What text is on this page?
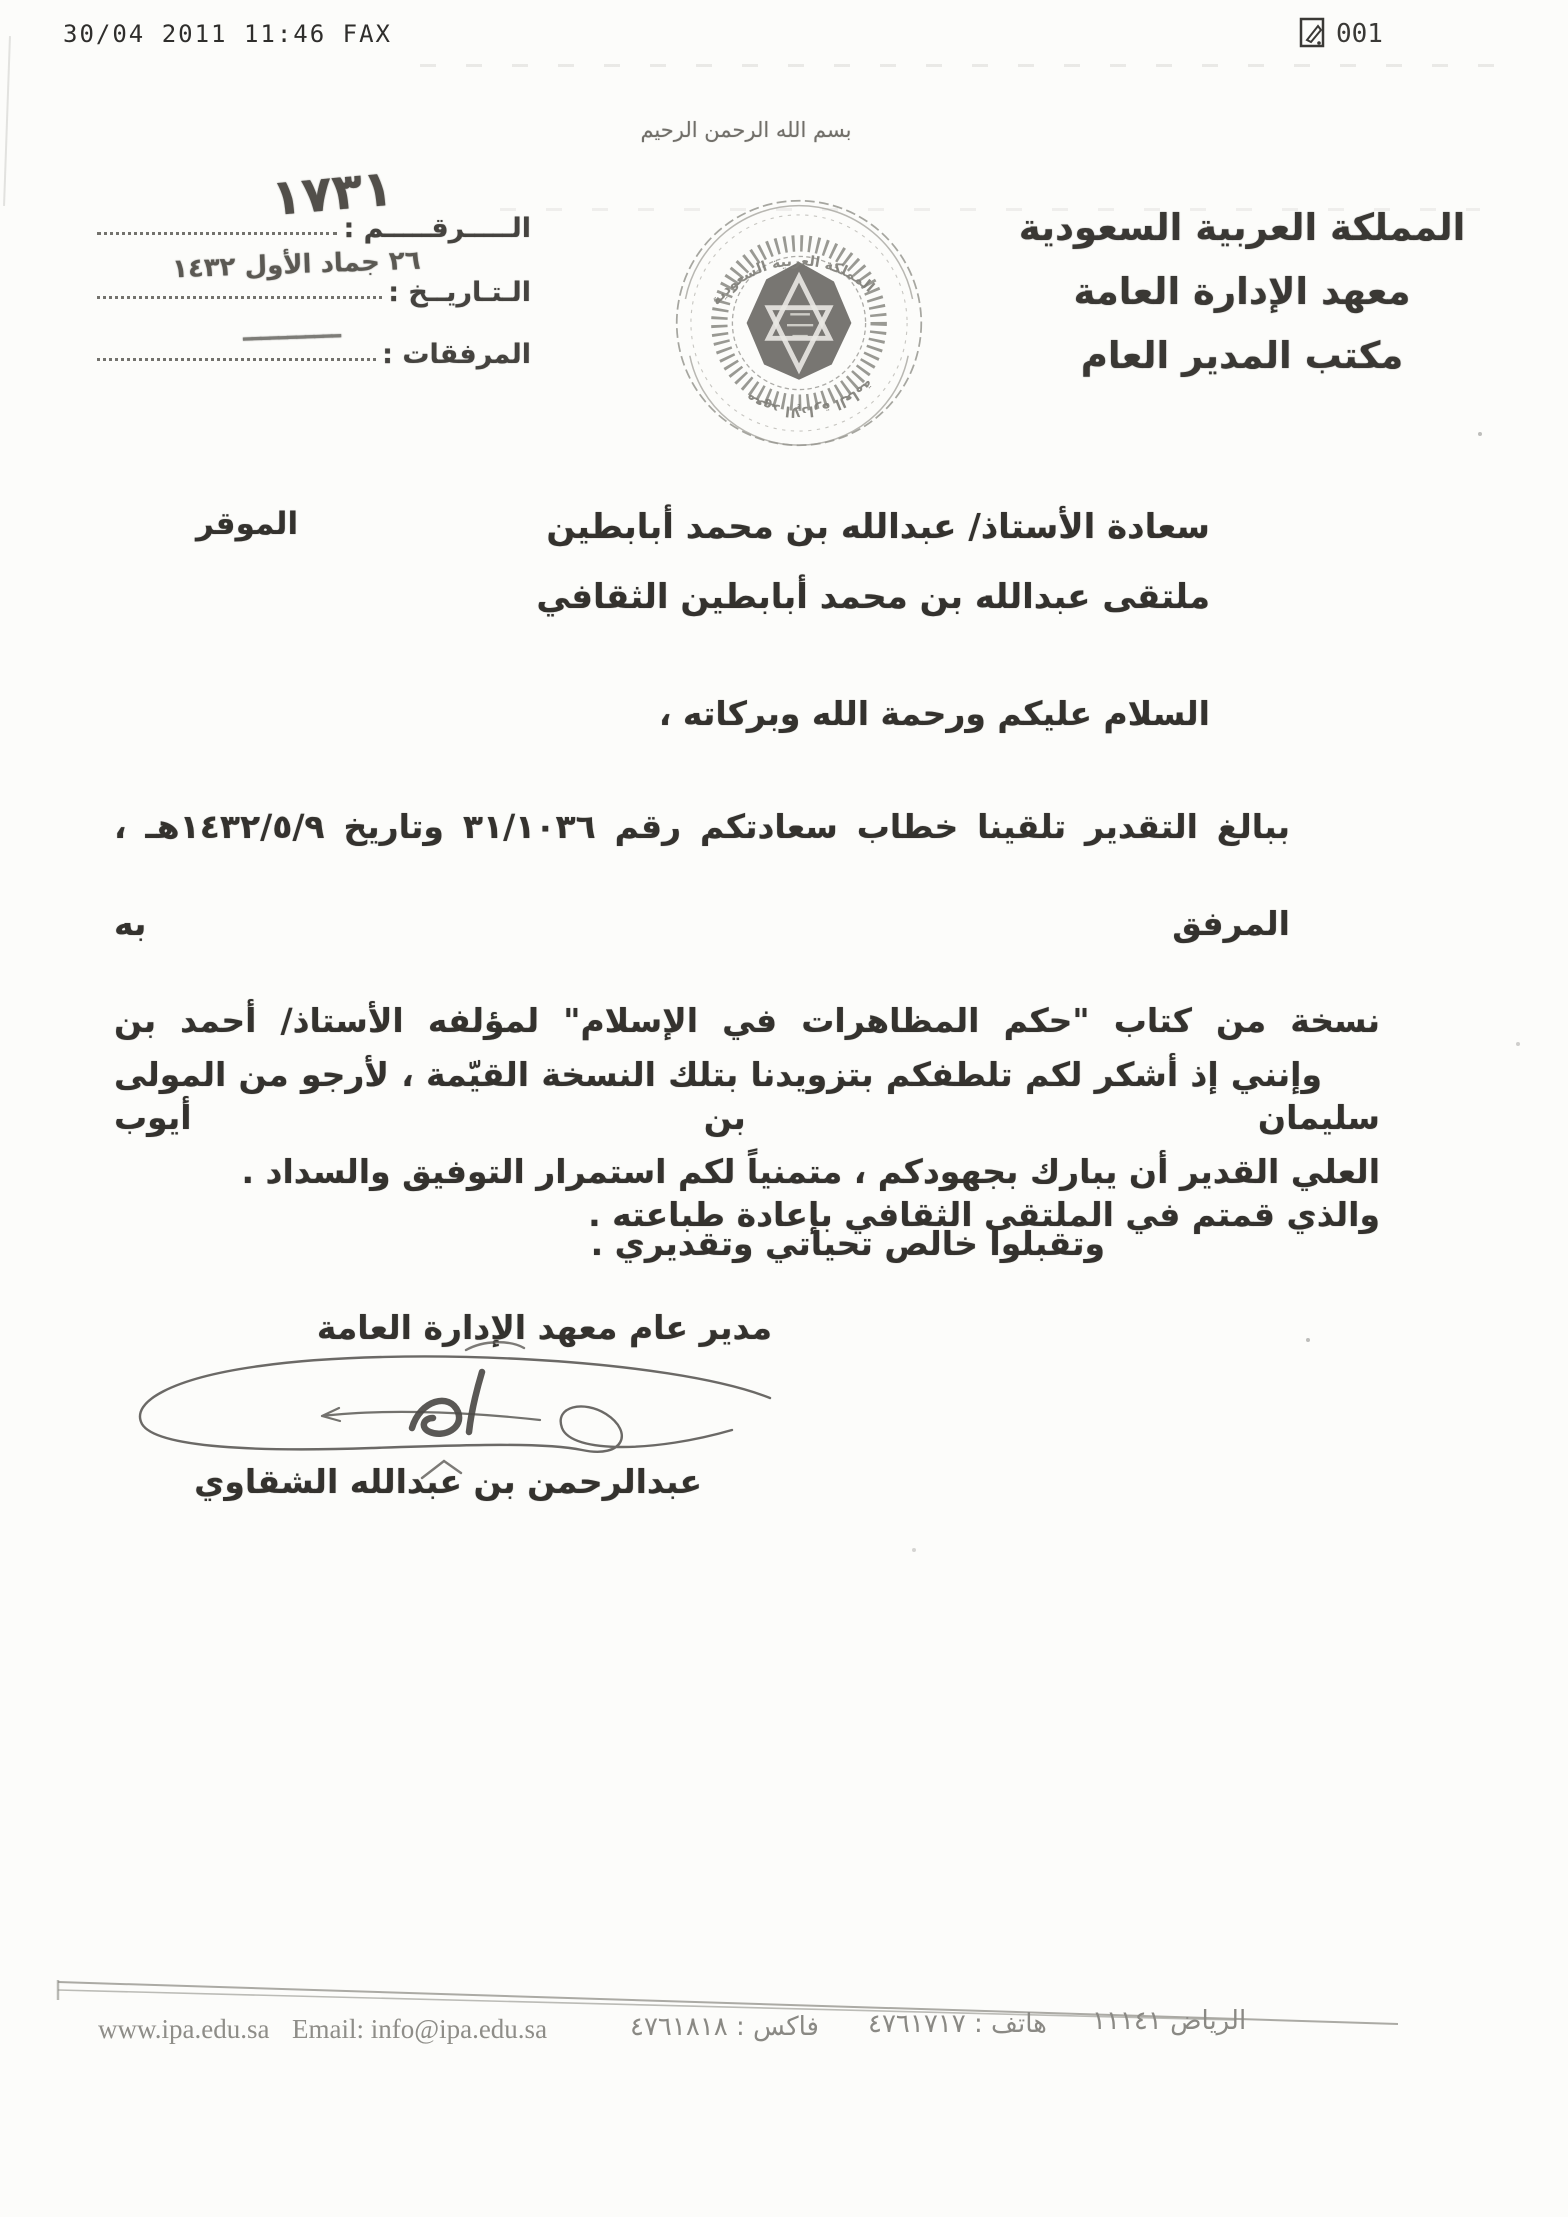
30/04 2011 11:46 FAX	001
بسم الله الرحمن الرحيم
المملكة العربية السعودية
معهد الإدارة العامة
مكتب المدير العام
المملكة العربية السعودية
معهد الإدارة العامة
الـــــرقـــــم :
١٧٣١
الـتـاريــخ :
٢٦ جماد الأول ١٤٣٢
المرفقات :
ـــــــــــ
الموقر	سعادة الأستاذ/ عبدالله بن محمد أبابطين
ملتقى عبدالله بن محمد أبابطين الثقافي
السلام عليكم ورحمة الله وبركاته ،
ببالغ التقدير تلقينا خطاب سعادتكم رقم ٣١/١٠٣٦ وتاريخ ١٤٣٢/٥/٩هـ ، المرفق به
نسخة من كتاب "حكم المظاهرات في الإسلام" لمؤلفه الأستاذ/ أحمد بن سليمان بن أيوب
والذي قمتم في الملتقى الثقافي بإعادة طباعته .
وإنني إذ أشكر لكم تلطفكم بتزويدنا بتلك النسخة القيّمة ، لأرجو من المولى
العلي القدير أن يبارك بجهودكم ، متمنياً لكم استمرار التوفيق والسداد .
وتقبلوا خالص تحياتي وتقديري .
مدير عام معهد الإدارة العامة
عبدالرحمن بن عبدالله الشقاوي
www.ipa.edu.sa Email: info@ipa.edu.sa	فاكس : ٤٧٦١٨١٨ هاتف : ٤٧٦١٧١٧ الرياض ١١١٤١
